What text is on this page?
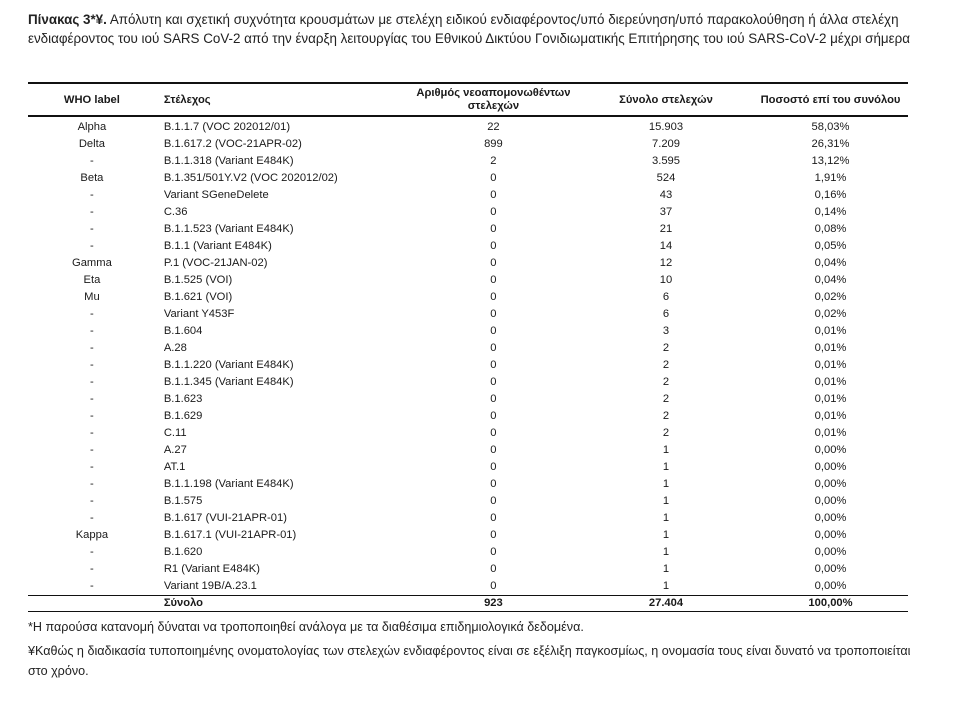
Πίνακας 3*¥. Απόλυτη και σχετική συχνότητα κρουσμάτων με στελέχη ειδικού ενδιαφέροντος/υπό διερεύνηση/υπό παρακολούθηση ή άλλα στελέχη ενδιαφέροντος του ιού SARS CoV-2 από την έναρξη λειτουργίας του Εθνικού Δικτύου Γονιδιωματικής Επιτήρησης του ιού SARS-CoV-2 μέχρι σήμερα
WHO label	Στέλεχος	Αριθμός νεοαπομονωθέντων στελεχών	Σύνολο στελεχών	Ποσοστό επί του συνόλου
Alpha	B.1.1.7 (VOC 202012/01)	22	15.903	58,03%
Delta	B.1.617.2 (VOC-21APR-02)	899	7.209	26,31%
-	B.1.1.318 (Variant E484K)	2	3.595	13,12%
Beta	B.1.351/501Y.V2 (VOC 202012/02)	0	524	1,91%
-	Variant SGeneDelete	0	43	0,16%
-	C.36	0	37	0,14%
-	B.1.1.523 (Variant E484K)	0	21	0,08%
-	B.1.1 (Variant E484K)	0	14	0,05%
Gamma	P.1 (VOC-21JAN-02)	0	12	0,04%
Eta	B.1.525 (VOI)	0	10	0,04%
Mu	B.1.621 (VOI)	0	6	0,02%
-	Variant Y453F	0	6	0,02%
-	B.1.604	0	3	0,01%
-	A.28	0	2	0,01%
-	B.1.1.220 (Variant E484K)	0	2	0,01%
-	B.1.1.345 (Variant E484K)	0	2	0,01%
-	B.1.623	0	2	0,01%
-	B.1.629	0	2	0,01%
-	C.11	0	2	0,01%
-	A.27	0	1	0,00%
-	AT.1	0	1	0,00%
-	B.1.1.198 (Variant E484K)	0	1	0,00%
-	B.1.575	0	1	0,00%
-	B.1.617 (VUI-21APR-01)	0	1	0,00%
Kappa	B.1.617.1 (VUI-21APR-01)	0	1	0,00%
-	B.1.620	0	1	0,00%
-	R1 (Variant E484K)	0	1	0,00%
-	Variant 19B/A.23.1	0	1	0,00%
	Σύνολο	923	27.404	100,00%
*Η παρούσα κατανομή δύναται να τροποποιηθεί ανάλογα με τα διαθέσιμα επιδημιολογικά δεδομένα.
¥Καθώς η διαδικασία τυποποιημένης ονοματολογίας των στελεχών ενδιαφέροντος είναι σε εξέλιξη παγκοσμίως, η ονομασία τους είναι δυνατό να τροποποιείται στο χρόνο.
